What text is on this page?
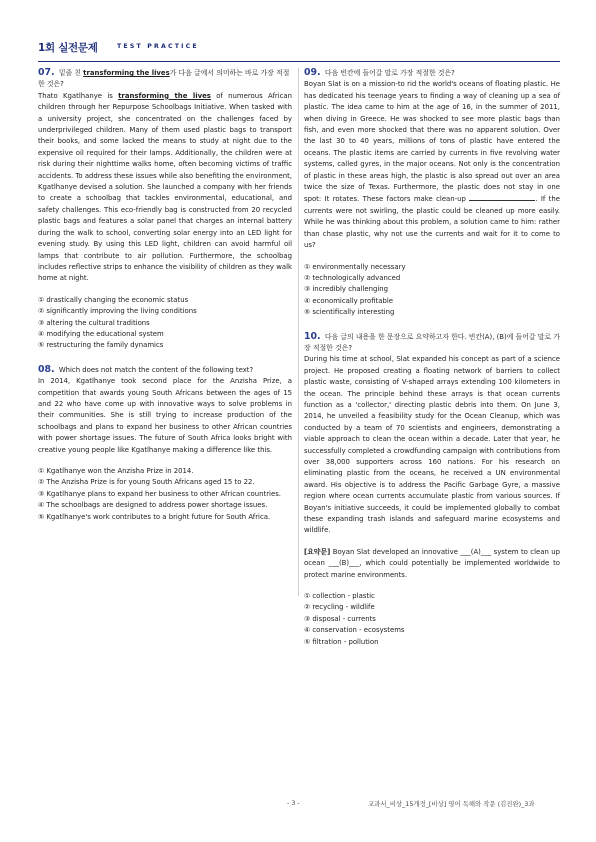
1회 실전문제	TEST PRACTICE

07. 밑줄 친 transforming the lives가 다음 글에서 의미하는 바로 가장 적절한 것은?

Thato Kgatlhanye is transforming the lives of numerous African children through her Repurpose Schoolbags Initiative. When tasked with a university project, she concentrated on the challenges faced by underprivileged children. Many of them used plastic bags to transport their books, and some lacked the means to study at night due to the expensive oil required for their lamps. Additionally, the children were at risk during their nighttime walks home, often becoming victims of traffic accidents. To address these issues while also benefiting the environment, Kgatlhanye devised a solution. She launched a company with her friends to create a schoolbag that tackles environmental, educational, and safety challenges. This eco-friendly bag is constructed from 20 recycled plastic bags and features a solar panel that charges an internal battery during the walk to school, converting solar energy into an LED light for evening study. By using this LED light, children can avoid harmful oil lamps that contribute to air pollution. Furthermore, the schoolbag includes reflective strips to enhance the visibility of children as they walk home at night.

① drastically changing the economic status
② significantly improving the living conditions
③ altering the cultural traditions
④ modifying the educational system
⑤ restructuring the family dynamics

08. Which does not match the content of the following text?

In 2014, Kgatlhanye took second place for the Anzisha Prize, a competition that awards young South Africans between the ages of 15 and 22 who have come up with innovative ways to solve problems in their communities. She is still trying to increase production of the schoolbags and plans to expand her business to other African countries with power shortage issues. The future of South Africa looks bright with creative young people like Kgatlhanye making a difference like this.

① Kgatlhanye won the Anzisha Prize in 2014.
② The Anzisha Prize is for young South Africans aged 15 to 22.
③ Kgatlhanye plans to expand her business to other African countries.
④ The schoolbags are designed to address power shortage issues.
⑤ Kgatlhanye's work contributes to a bright future for South Africa.

09. 다음 빈칸에 들어갈 말로 가장 적절한 것은?

Boyan Slat is on a mission-to rid the world's oceans of floating plastic. He has dedicated his teenage years to finding a way of cleaning up a sea of plastic. The idea came to him at the age of 16, in the summer of 2011, when diving in Greece. He was shocked to see more plastic bags than fish, and even more shocked that there was no apparent solution. Over the last 30 to 40 years, millions of tons of plastic have entered the oceans. The plastic items are carried by currents in five revolving water systems, called gyres, in the major oceans. Not only is the concentration of plastic in these areas high, the plastic is also spread out over an area twice the size of Texas. Furthermore, the plastic does not stay in one spot: It rotates. These factors make clean-up	. If the currents were not swirling, the plastic could be cleaned up more easily. While he was thinking about this problem, a solution came to him: rather than chase plastic, why not use the currents and wait for it to come to us?

① environmentally necessary
② technologically advanced
③ incredibly challenging
④ economically profitable
⑤ scientifically interesting

10. 다음 글의 내용을 한 문장으로 요약하고자 한다. 빈칸(A), (B)에 들어갈 말로 가장 적절한 것은?

During his time at school, Slat expanded his concept as part of a science project. He proposed creating a floating network of barriers to collect plastic waste, consisting of V-shaped arrays extending 100 kilometers in the ocean. The principle behind these arrays is that ocean currents function as a 'collector,' directing plastic debris into them. On June 3, 2014, he unveiled a feasibility study for the Ocean Cleanup, which was conducted by a team of 70 scientists and engineers, demonstrating a viable approach to clean the ocean within a decade. Later that year, he successfully completed a crowdfunding campaign with contributions from over 38,000 supporters across 160 nations. For his research on eliminating plastic from the oceans, he received a UN environmental award. His objective is to address the Pacific Garbage Gyre, a massive region where ocean currents accumulate plastic from various sources. If Boyan's initiative succeeds, it could be implemented globally to combat these expanding trash islands and safeguard marine ecosystems and wildlife.

[요약문] Boyan Slat developed an innovative ___(A)___ system to clean up ocean ___(B)___, which could potentially be implemented worldwide to protect marine environments.

① collection - plastic
② recycling - wildlife
③ disposal - currents
④ conservation - ecosystems
⑤ filtration - pollution
- 3 -	교과서_비상_15개정_[비상] 영어 독해와 작문 (김진완)_3과
